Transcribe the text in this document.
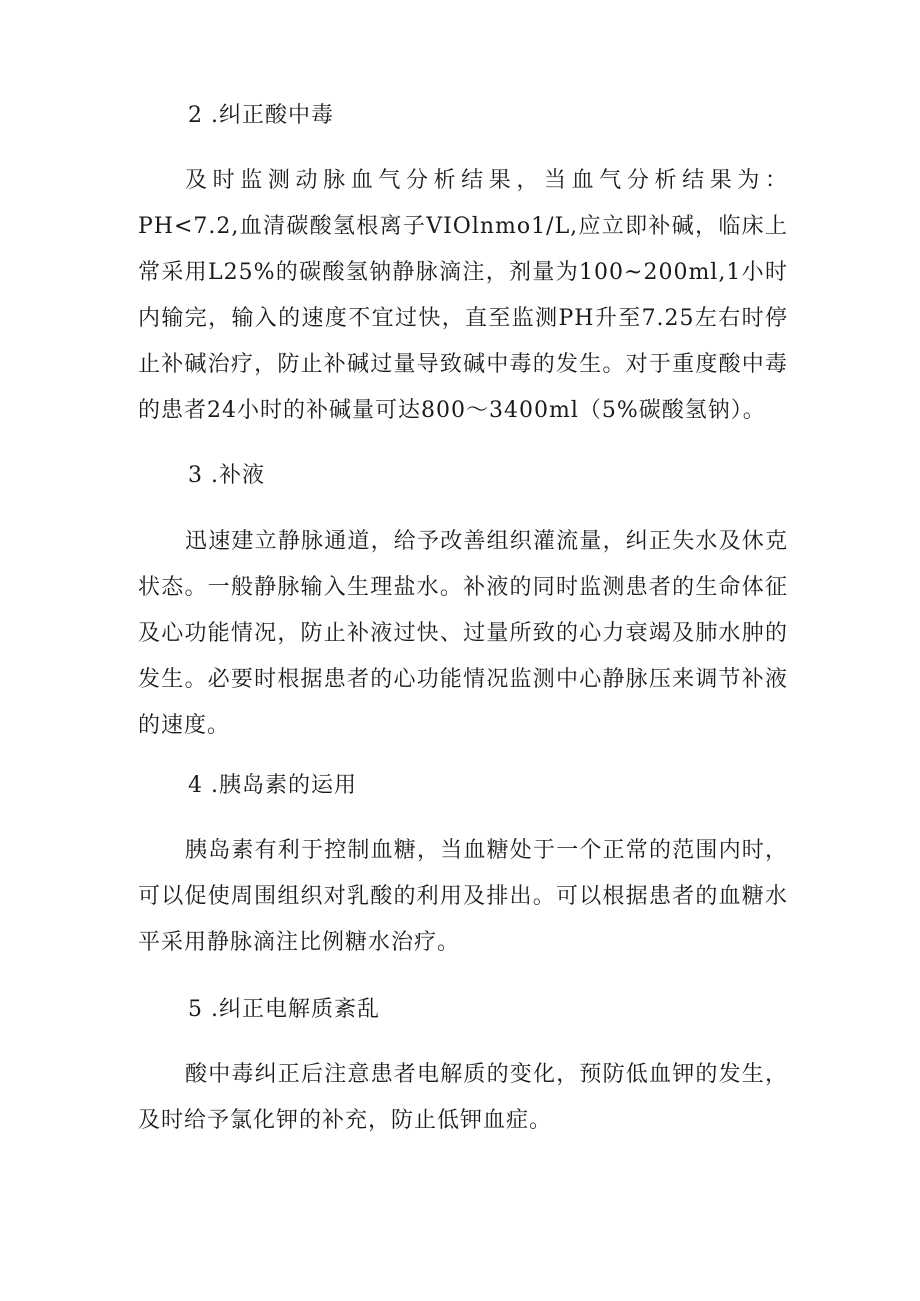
2 .纠正酸中毒

及时监测动脉血气分析结果，当血气分析结果为：PH<7.2,血清碳酸氢根离子VIOlnmo1/L,应立即补碱，临床上常采用L25%的碳酸氢钠静脉滴注，剂量为100~200ml,1小时内输完，输入的速度不宜过快，直至监测PH升至7.25左右时停止补碱治疗，防止补碱过量导致碱中毒的发生。对于重度酸中毒的患者24小时的补碱量可达800～3400ml（5%碳酸氢钠）。

3 .补液

迅速建立静脉通道，给予改善组织灌流量，纠正失水及休克状态。一般静脉输入生理盐水。补液的同时监测患者的生命体征及心功能情况，防止补液过快、过量所致的心力衰竭及肺水肿的发生。必要时根据患者的心功能情况监测中心静脉压来调节补液的速度。

4 .胰岛素的运用

胰岛素有利于控制血糖，当血糖处于一个正常的范围内时，可以促使周围组织对乳酸的利用及排出。可以根据患者的血糖水平采用静脉滴注比例糖水治疗。

5 .纠正电解质紊乱

酸中毒纠正后注意患者电解质的变化，预防低血钾的发生，及时给予氯化钾的补充，防止低钾血症。
